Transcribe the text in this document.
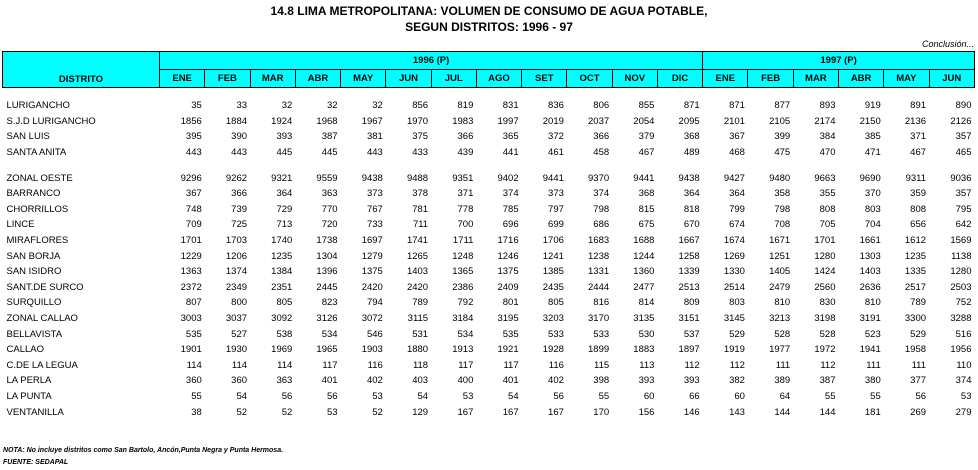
14.8 LIMA METROPOLITANA: VOLUMEN DE CONSUMO DE AGUA POTABLE,
SEGUN DISTRITOS: 1996 - 97
Conclusión...
DISTRITO	1996 (P)												1997 (P)					
	ENE	FEB	MAR	ABR	MAY	JUN	JUL	AGO	SET	OCT	NOV	DIC	ENE	FEB	MAR	ABR	MAY	JUN

LURIGANCHO	35	33	32	32	32	856	819	831	836	806	855	871	871	877	893	919	891	890
S.J.D LURIGANCHO	1856	1884	1924	1968	1967	1970	1983	1997	2019	2037	2054	2095	2101	2105	2174	2150	2136	2126
SAN LUIS	395	390	393	387	381	375	366	365	372	366	379	368	367	399	384	385	371	357
SANTA ANITA	443	443	445	445	443	433	439	441	461	458	467	489	468	475	470	471	467	465

ZONAL OESTE	9296	9262	9321	9559	9438	9488	9351	9402	9441	9370	9441	9438	9427	9480	9663	9690	9311	9036
BARRANCO	367	366	364	363	373	378	371	374	373	374	368	364	364	358	355	370	359	357
CHORRILLOS	748	739	729	770	767	781	778	785	797	798	815	818	799	798	808	803	808	795
LINCE	709	725	713	720	733	711	700	696	699	686	675	670	674	708	705	704	656	642
MIRAFLORES	1701	1703	1740	1738	1697	1741	1711	1716	1706	1683	1688	1667	1674	1671	1701	1661	1612	1569
SAN BORJA	1229	1206	1235	1304	1279	1265	1248	1246	1241	1238	1244	1258	1269	1251	1280	1303	1235	1138
SAN ISIDRO	1363	1374	1384	1396	1375	1403	1365	1375	1385	1331	1360	1339	1330	1405	1424	1403	1335	1280
SANT.DE SURCO	2372	2349	2351	2445	2420	2420	2386	2409	2435	2444	2477	2513	2514	2479	2560	2636	2517	2503
SURQUILLO	807	800	805	823	794	789	792	801	805	816	814	809	803	810	830	810	789	752
ZONAL CALLAO	3003	3037	3092	3126	3072	3115	3184	3195	3203	3170	3135	3151	3145	3213	3198	3191	3300	3288
BELLAVISTA	535	527	538	534	546	531	534	535	533	533	530	537	529	528	528	523	529	516
CALLAO	1901	1930	1969	1965	1903	1880	1913	1921	1928	1899	1883	1897	1919	1977	1972	1941	1958	1956
C.DE LA LEGUA	114	114	114	117	116	118	117	117	116	115	113	112	112	111	112	111	111	110
LA PERLA	360	360	363	401	402	403	400	401	402	398	393	393	382	389	387	380	377	374
LA PUNTA	55	54	56	56	53	54	53	54	56	55	60	66	60	64	55	55	56	53
VENTANILLA	38	52	52	53	52	129	167	167	167	170	156	146	143	144	144	181	269	279
NOTA: No incluye distritos como San Bartolo, Ancón,Punta Negra y Punta Hermosa.
FUENTE: SEDAPAL
